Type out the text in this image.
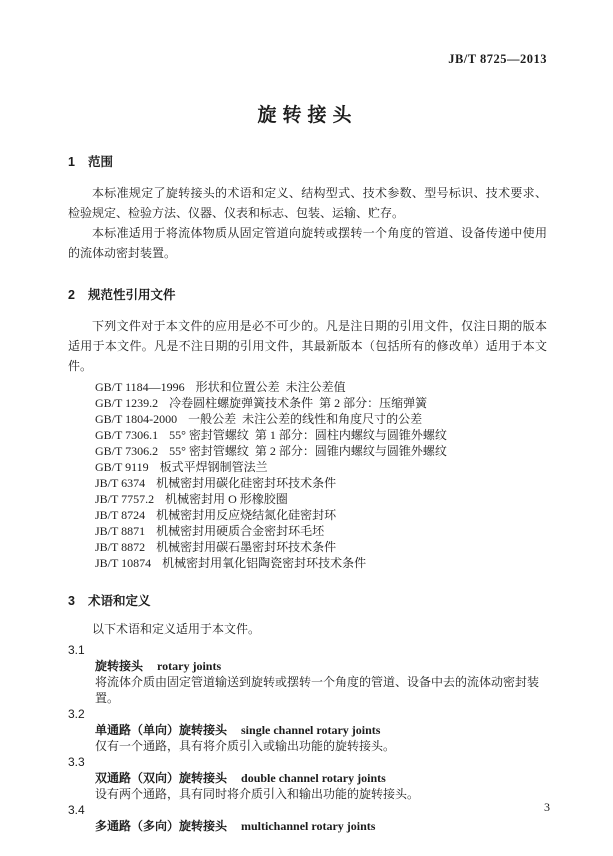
JB/T 8725—2013
旋转接头
1 范围

本标准规定了旋转接头的术语和定义、结构型式、技术参数、型号标识、技术要求、检验规定、检验方法、仪器、仪表和标志、包装、运输、贮存。

本标准适用于将流体物质从固定管道向旋转或摆转一个角度的管道、设备传递中使用的流体动密封装置。

2 规范性引用文件

下列文件对于本文件的应用是必不可少的。凡是注日期的引用文件，仅注日期的版本适用于本文件。凡是不注日期的引用文件，其最新版本（包括所有的修改单）适用于本文件。

GB/T 1184—1996 形状和位置公差  未注公差值
GB/T 1239.2 冷卷圆柱螺旋弹簧技术条件  第 2 部分：压缩弹簧
GB/T 1804-2000 一般公差  未注公差的线性和角度尺寸的公差
GB/T 7306.1 55° 密封管螺纹  第 1 部分：圆柱内螺纹与圆锥外螺纹
GB/T 7306.2 55° 密封管螺纹  第 2 部分：圆锥内螺纹与圆锥外螺纹
GB/T 9119 板式平焊钢制管法兰
JB/T 6374 机械密封用碳化硅密封环技术条件
JB/T 7757.2 机械密封用 O 形橡胶圈
JB/T 8724 机械密封用反应烧结氮化硅密封环
JB/T 8871 机械密封用硬质合金密封环毛坯
JB/T 8872 机械密封用碳石墨密封环技术条件
JB/T 10874 机械密封用氧化铝陶瓷密封环技术条件
3 术语和定义

以下术语和定义适用于本文件。

3.1
旋转接头 rotary joints
将流体介质由固定管道输送到旋转或摆转一个角度的管道、设备中去的流体动密封装置。
3.2
单通路（单向）旋转接头 single channel rotary joints
仅有一个通路，具有将介质引入或输出功能的旋转接头。
3.3
双通路（双向）旋转接头 double channel rotary joints
设有两个通路，具有同时将介质引入和输出功能的旋转接头。
3.4
多通路（多向）旋转接头 multichannel rotary joints
3
